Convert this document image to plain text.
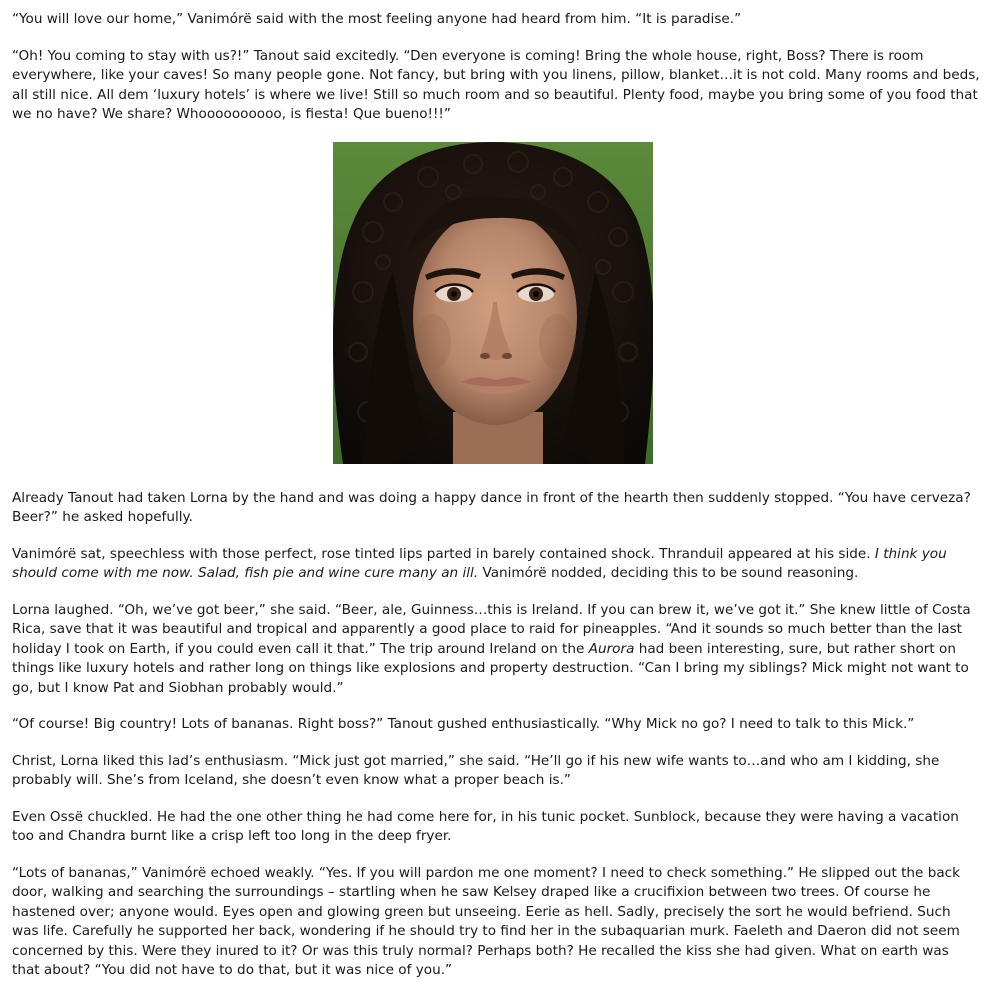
“You will love our home,” Vanimórë said with the most feeling anyone had heard from him. “It is paradise.”

“Oh! You coming to stay with us?!” Tanout said excitedly. “Den everyone is coming! Bring the whole house, right, Boss? There is room everywhere, like your caves! So many people gone. Not fancy, but bring with you linens, pillow, blanket…it is not cold. Many rooms and beds, all still nice. All dem ‘luxury hotels’ is where we live! Still so much room and so beautiful. Plenty food, maybe you bring some of you food that we no have? We share? Whoooooooooo, is fiesta! Que bueno!!!”

Already Tanout had taken Lorna by the hand and was doing a happy dance in front of the hearth then suddenly stopped. “You have cerveza? Beer?” he asked hopefully.

Vanimórë sat, speechless with those perfect, rose tinted lips parted in barely contained shock. Thranduil appeared at his side. I think you should come with me now. Salad, fish pie and wine cure many an ill. Vanimórë nodded, deciding this to be sound reasoning.

Lorna laughed. “Oh, we’ve got beer,” she said. “Beer, ale, Guinness…this is Ireland. If you can brew it, we’ve got it.” She knew little of Costa Rica, save that it was beautiful and tropical and apparently a good place to raid for pineapples. “And it sounds so much better than the last holiday I took on Earth, if you could even call it that.” The trip around Ireland on the Aurora had been interesting, sure, but rather short on things like luxury hotels and rather long on things like explosions and property destruction. “Can I bring my siblings? Mick might not want to go, but I know Pat and Siobhan probably would.”

“Of course! Big country! Lots of bananas. Right boss?” Tanout gushed enthusiastically. “Why Mick no go? I need to talk to this Mick.”

Christ, Lorna liked this lad’s enthusiasm. “Mick just got married,” she said. “He’ll go if his new wife wants to…and who am I kidding, she probably will. She’s from Iceland, she doesn’t even know what a proper beach is.”

Even Ossë chuckled. He had the one other thing he had come here for, in his tunic pocket. Sunblock, because they were having a vacation too and Chandra burnt like a crisp left too long in the deep fryer.

“Lots of bananas,” Vanimórë echoed weakly. “Yes. If you will pardon me one moment? I need to check something.” He slipped out the back door, walking and searching the surroundings – startling when he saw Kelsey draped like a crucifixion between two trees. Of course he hastened over; anyone would. Eyes open and glowing green but unseeing. Eerie as hell. Sadly, precisely the sort he would befriend. Such was life. Carefully he supported her back, wondering if he should try to find her in the subaquarian murk. Faeleth and Daeron did not seem concerned by this. Were they inured to it? Or was this truly normal? Perhaps both? He recalled the kiss she had given. What on earth was that about? “You did not have to do that, but it was nice of you.”
